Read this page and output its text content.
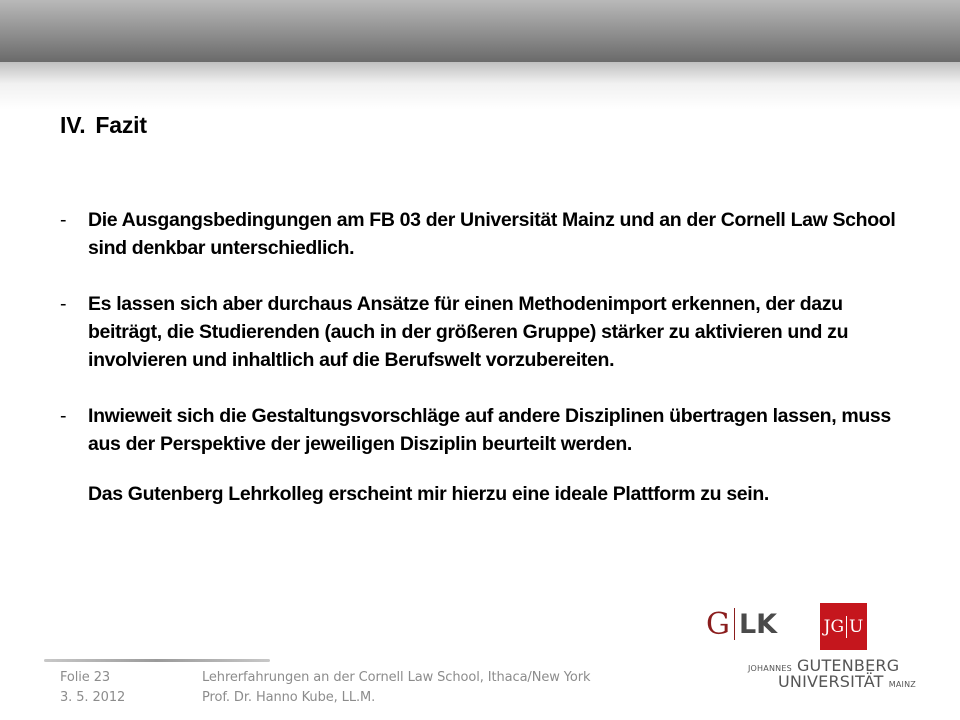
IV. Fazit
- Die Ausgangsbedingungen am FB 03 der Universität Mainz und an der Cornell Law School sind denkbar unterschiedlich.
- Es lassen sich aber durchaus Ansätze für einen Methodenimport erkennen, der dazu beiträgt, die Studierenden (auch in der größeren Gruppe) stärker zu aktivieren und zu involvieren und inhaltlich auf die Berufswelt vorzubereiten.
- Inwieweit sich die Gestaltungsvorschläge auf andere Disziplinen übertragen lassen, muss aus der Perspektive der jeweiligen Disziplin beurteilt werden.
Das Gutenberg Lehrkolleg erscheint mir hierzu eine ideale Plattform zu sein.
Folie 23
3. 5. 2012
Lehrerfahrungen an der Cornell Law School, Ithaca/New York
Prof. Dr. Hanno Kube, LL.M.
G LK	JG U
JOHANNES GUTENBERG
UNIVERSITÄT MAINZ
